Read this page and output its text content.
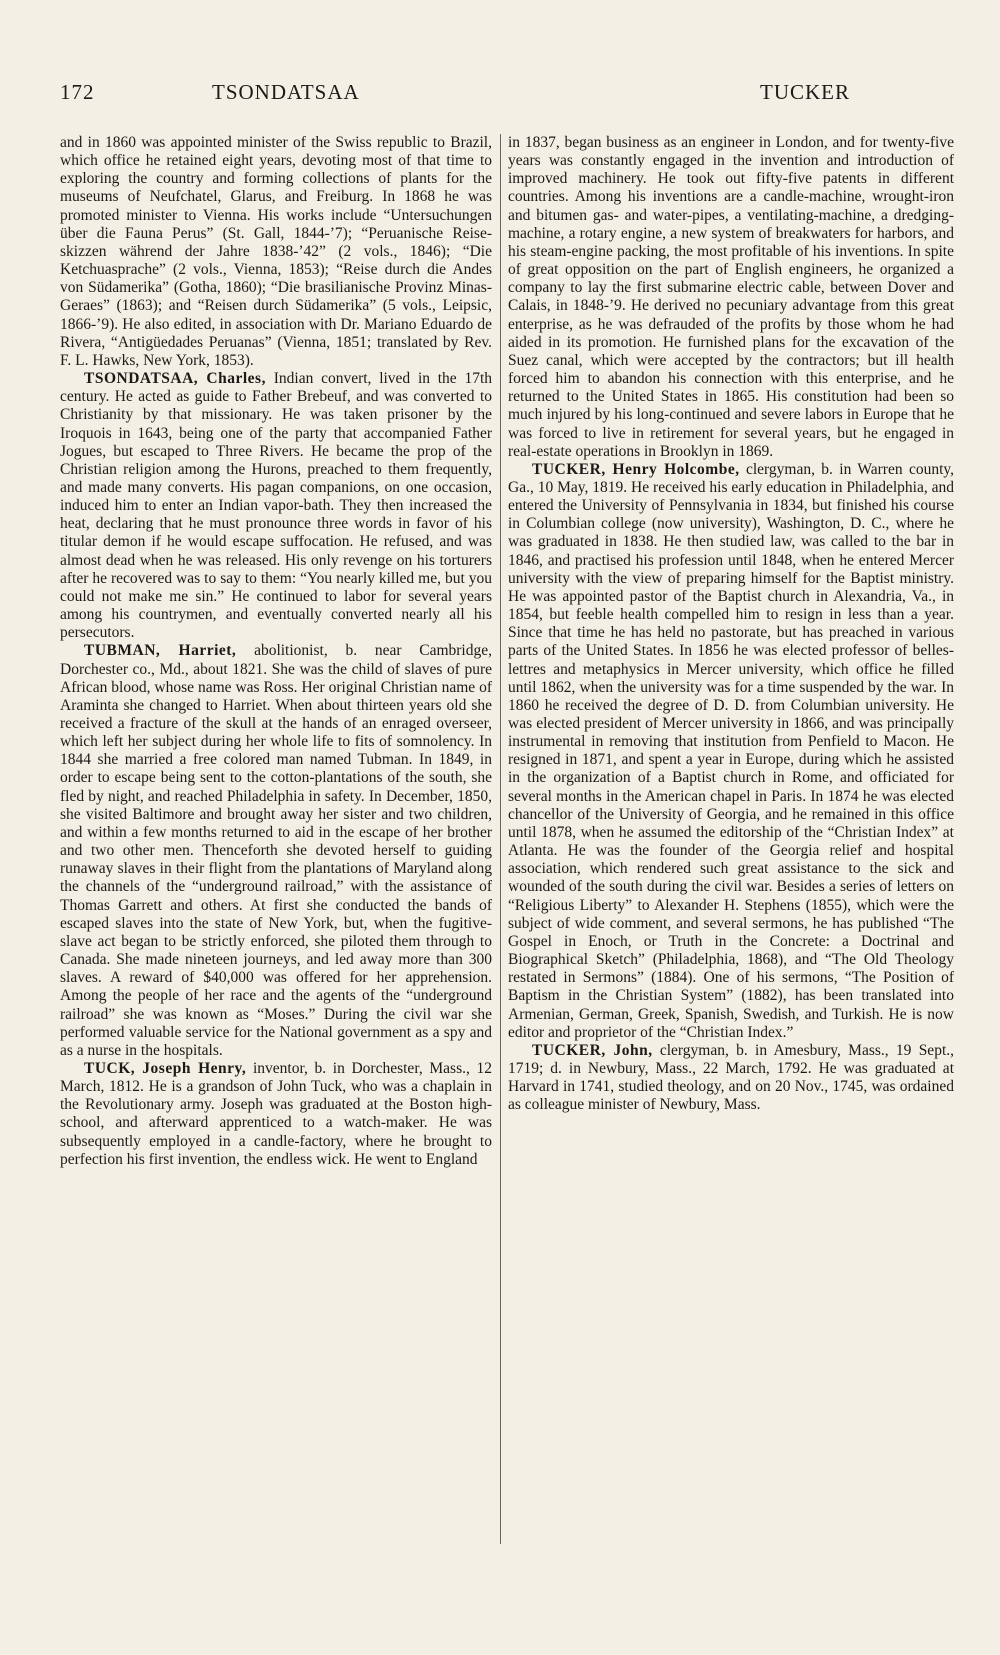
172	TSONDATSAA	TUCKER

and in 1860 was appointed minister of the Swiss republic to Brazil, which office he retained eight years, devoting most of that time to exploring the country and forming collections of plants for the museums of Neufchatel, Glarus, and Freiburg. In 1868 he was promoted minister to Vienna. His works include “Untersuchungen über die Fauna Perus” (St. Gall, 1844-’7); “Peruanische Reise-skizzen während der Jahre 1838-’42” (2 vols., 1846); “Die Ketchuasprache” (2 vols., Vienna, 1853); “Reise durch die Andes von Südamerika” (Gotha, 1860); “Die brasilianische Provinz Minas-Geraes” (1863); and “Reisen durch Südamerika” (5 vols., Leipsic, 1866-’9). He also edited, in association with Dr. Mariano Eduardo de Rivera, “Antigüedades Peruanas” (Vienna, 1851; translated by Rev. F. L. Hawks, New York, 1853).

TSONDATSAA, Charles, Indian convert, lived in the 17th century. He acted as guide to Father Brebeuf, and was converted to Christianity by that missionary. He was taken prisoner by the Iroquois in 1643, being one of the party that accompanied Father Jogues, but escaped to Three Rivers. He became the prop of the Christian religion among the Hurons, preached to them frequently, and made many converts. His pagan companions, on one occasion, induced him to enter an Indian vapor-bath. They then increased the heat, declaring that he must pronounce three words in favor of his titular demon if he would escape suffocation. He refused, and was almost dead when he was released. His only revenge on his torturers after he recovered was to say to them: “You nearly killed me, but you could not make me sin.” He continued to labor for several years among his countrymen, and eventually converted nearly all his persecutors.

TUBMAN, Harriet, abolitionist, b. near Cambridge, Dorchester co., Md., about 1821. She was the child of slaves of pure African blood, whose name was Ross. Her original Christian name of Araminta she changed to Harriet. When about thirteen years old she received a fracture of the skull at the hands of an enraged overseer, which left her subject during her whole life to fits of somnolency. In 1844 she married a free colored man named Tubman. In 1849, in order to escape being sent to the cotton-plantations of the south, she fled by night, and reached Philadelphia in safety. In December, 1850, she visited Baltimore and brought away her sister and two children, and within a few months returned to aid in the escape of her brother and two other men. Thenceforth she devoted herself to guiding runaway slaves in their flight from the plantations of Maryland along the channels of the “underground railroad,” with the assistance of Thomas Garrett and others. At first she conducted the bands of escaped slaves into the state of New York, but, when the fugitive-slave act began to be strictly enforced, she piloted them through to Canada. She made nineteen journeys, and led away more than 300 slaves. A reward of $40,000 was offered for her apprehension. Among the people of her race and the agents of the “underground railroad” she was known as “Moses.” During the civil war she performed valuable service for the National government as a spy and as a nurse in the hospitals.

TUCK, Joseph Henry, inventor, b. in Dorchester, Mass., 12 March, 1812. He is a grandson of John Tuck, who was a chaplain in the Revolutionary army. Joseph was graduated at the Boston high-school, and afterward apprenticed to a watch-maker. He was subsequently employed in a candle-factory, where he brought to perfection his first invention, the endless wick. He went to England

in 1837, began business as an engineer in London, and for twenty-five years was constantly engaged in the invention and introduction of improved machinery. He took out fifty-five patents in different countries. Among his inventions are a candle-machine, wrought-iron and bitumen gas- and water-pipes, a ventilating-machine, a dredging-machine, a rotary engine, a new system of breakwaters for harbors, and his steam-engine packing, the most profitable of his inventions. In spite of great opposition on the part of English engineers, he organized a company to lay the first submarine electric cable, between Dover and Calais, in 1848-’9. He derived no pecuniary advantage from this great enterprise, as he was defrauded of the profits by those whom he had aided in its promotion. He furnished plans for the excavation of the Suez canal, which were accepted by the contractors; but ill health forced him to abandon his connection with this enterprise, and he returned to the United States in 1865. His constitution had been so much injured by his long-continued and severe labors in Europe that he was forced to live in retirement for several years, but he engaged in real-estate operations in Brooklyn in 1869.

TUCKER, Henry Holcombe, clergyman, b. in Warren county, Ga., 10 May, 1819. He received his early education in Philadelphia, and entered the University of Pennsylvania in 1834, but finished his course in Columbian college (now university), Washington, D. C., where he was graduated in 1838. He then studied law, was called to the bar in 1846, and practised his profession until 1848, when he entered Mercer university with the view of preparing himself for the Baptist ministry. He was appointed pastor of the Baptist church in Alexandria, Va., in 1854, but feeble health compelled him to resign in less than a year. Since that time he has held no pastorate, but has preached in various parts of the United States. In 1856 he was elected professor of belles-lettres and metaphysics in Mercer university, which office he filled until 1862, when the university was for a time suspended by the war. In 1860 he received the degree of D. D. from Columbian university. He was elected president of Mercer university in 1866, and was principally instrumental in removing that institution from Penfield to Macon. He resigned in 1871, and spent a year in Europe, during which he assisted in the organization of a Baptist church in Rome, and officiated for several months in the American chapel in Paris. In 1874 he was elected chancellor of the University of Georgia, and he remained in this office until 1878, when he assumed the editorship of the “Christian Index” at Atlanta. He was the founder of the Georgia relief and hospital association, which rendered such great assistance to the sick and wounded of the south during the civil war. Besides a series of letters on “Religious Liberty” to Alexander H. Stephens (1855), which were the subject of wide comment, and several sermons, he has published “The Gospel in Enoch, or Truth in the Concrete: a Doctrinal and Biographical Sketch” (Philadelphia, 1868), and “The Old Theology restated in Sermons” (1884). One of his sermons, “The Position of Baptism in the Christian System” (1882), has been translated into Armenian, German, Greek, Spanish, Swedish, and Turkish. He is now editor and proprietor of the “Christian Index.”

TUCKER, John, clergyman, b. in Amesbury, Mass., 19 Sept., 1719; d. in Newbury, Mass., 22 March, 1792. He was graduated at Harvard in 1741, studied theology, and on 20 Nov., 1745, was ordained as colleague minister of Newbury, Mass.
